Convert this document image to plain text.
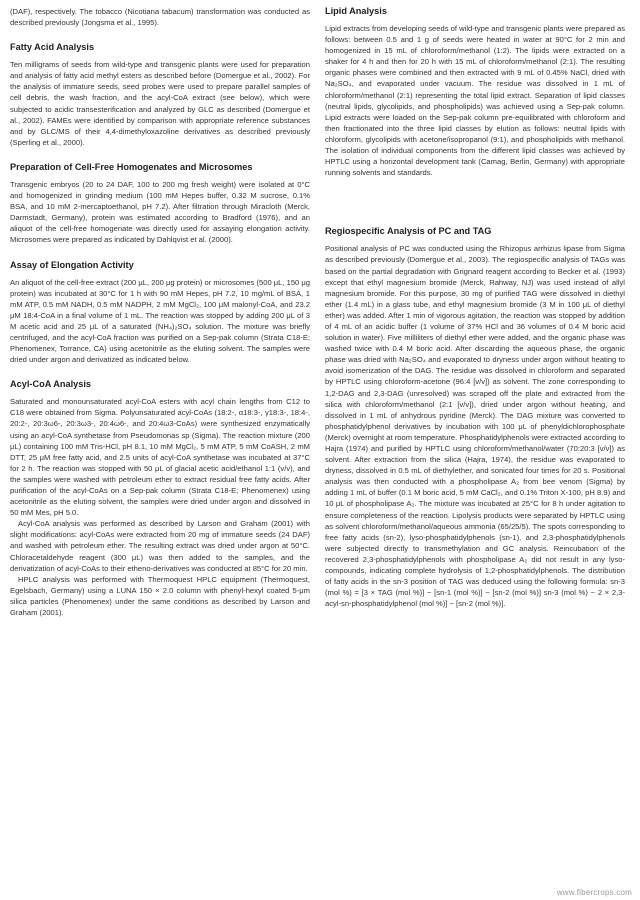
(DAF), respectively. The tobacco (Nicotiana tabacum) transformation was conducted as described previously (Jongsma et al., 1995).

Fatty Acid Analysis

Ten milligrams of seeds from wild-type and transgenic plants were used for preparation and analysis of fatty acid methyl esters as described before (Domergue et al., 2002). For the analysis of immature seeds, seed probes were used to prepare parallel samples of cell debris, the wash fraction, and the acyl-CoA extract (see below), which were subjected to acidic transesterification and analyzed by GLC as described (Domergue et al., 2002). FAMEs were identified by comparison with appropriate reference substances and by GLC/MS of their 4,4-dimethyloxazoline derivatives as described previously (Sperling et al., 2000).

Preparation of Cell-Free Homogenates and Microsomes

Transgenic embryos (20 to 24 DAF, 100 to 200 mg fresh weight) were isolated at 0°C and homogenized in grinding medium (100 mM Hepes buffer, 0.32 M sucrose, 0.1% BSA, and 10 mM 2-mercaptoethanol, pH 7.2). After filtration through Miracloth (Merck, Darmstadt, Germany), protein was estimated according to Bradford (1976), and an aliquot of the cell-free homogenate was directly used for assaying elongation activity. Microsomes were prepared as indicated by Dahlqvist et al. (2000).

Assay of Elongation Activity

An aliquot of the cell-free extract (200 μL, 200 μg protein) or microsomes (500 μL, 150 μg protein) was incubated at 30°C for 1 h with 90 mM Hepes, pH 7.2, 10 mg/mL of BSA, 1 mM ATP, 0.5 mM NADH, 0.5 mM NADPH, 2 mM MgCl₂, 100 μM malonyl-CoA, and 23.2 μM 18:4-CoA in a final volume of 1 mL. The reaction was stopped by adding 200 μL of 3 M acetic acid and 25 μL of a saturated (NH₄)₂SO₄ solution. The mixture was briefly centrifuged, and the acyl-CoA fraction was purified on a Sep-pak column (Strata C18-E; Phenomenex, Torrance, CA) using acetonitrile as the eluting solvent. The samples were dried under argon and derivatized as indicated below.

Acyl-CoA Analysis

Saturated and monounsaturated acyl-CoA esters with acyl chain lengths from C12 to C18 were obtained from Sigma. Polyunsaturated acyl-CoAs (18:2-, α18:3-, γ18:3-, 18:4-, 20:2-, 20:3ω6-, 20:3ω3-, 20:4ω6-, and 20:4ω3-CoAs) were synthesized enzymatically using an acyl-CoA synthetase from Pseudomonas sp (Sigma). The reaction mixture (200 μL) containing 100 mM Tris-HCl, pH 8.1, 10 mM MgCl₂, 5 mM ATP, 5 mM CoASH, 2 mM DTT, 25 μM free fatty acid, and 2.5 units of acyl-CoA synthetase was incubated at 37°C for 2 h. The reaction was stopped with 50 μL of glacial acetic acid/ethanol 1:1 (v/v), and the samples were washed with petroleum ether to extract residual free fatty acids. After purification of the acyl-CoAs on a Sep-pak column (Strata C18-E; Phenomenex) using acetonitrile as the eluting solvent, the samples were dried under argon and dissolved in 50 mM Mes, pH 5.0.

Acyl-CoA analysis was performed as described by Larson and Graham (2001) with slight modifications: acyl-CoAs were extracted from 20 mg of immature seeds (24 DAF) and washed with petroleum ether. The resulting extract was dried under argon at 50°C. Chloracetaldehyde reagent (300 μL) was then added to the samples, and the derivatization of acyl-CoAs to their etheno-derivatives was conducted at 85°C for 20 min.

HPLC analysis was performed with Thermoquest HPLC equipment (Thermoquest, Egelsbach, Germany) using a LUNA 150 × 2.0 column with phenyl-hexyl coated 5-μm silica particles (Phenomenex) under the same conditions as described by Larson and Graham (2001).

Lipid Analysis

Lipid extracts from developing seeds of wild-type and transgenic plants were prepared as follows: between 0.5 and 1 g of seeds were heated in water at 90°C for 2 min and homogenized in 15 mL of chloroform/methanol (1:2). The lipids were extracted on a shaker for 4 h and then for 20 h with 15 mL of chloroform/methanol (2:1). The resulting organic phases were combined and then extracted with 9 mL of 0.45% NaCl, dried with Na₂SO₄, and evaporated under vacuum. The residue was dissolved in 1 mL of chloroform/methanol (2:1) representing the total lipid extract. Separation of lipid classes (neutral lipids, glycolipids, and phospholipids) was achieved using a Sep-pak column. Lipid extracts were loaded on the Sep-pak column pre-equilibrated with chloroform and then fractionated into the three lipid classes by elution as follows: neutral lipids with chloroform, glycolipids with acetone/isopropanol (9:1), and phospholipids with methanol. The isolation of individual components from the different lipid classes was achieved by HPTLC using a horizontal development tank (Camag, Berlin, Germany) with appropriate running solvents and standards.

Regiospecific Analysis of PC and TAG

Positional analysis of PC was conducted using the Rhizopus arrhizus lipase from Sigma as described previously (Domergue et al., 2003). The regiospecific analysis of TAGs was based on the partial degradation with Grignard reagent according to Becker et al. (1993) except that ethyl magnesium bromide (Merck, Rahway, NJ) was used instead of allyl magnesium bromide. For this purpose, 30 mg of purified TAG were dissolved in diethyl ether (1.4 mL) in a glass tube, and ethyl magnesium bromide (3 M in 100 μL of diethyl ether) was added. After 1 min of vigorous agitation, the reaction was stopped by addition of 4 mL of an acidic buffer (1 volume of 37% HCl and 36 volumes of 0.4 M boric acid solution in water). Five milliliters of diethyl ether were added, and the organic phase was washed twice with 0.4 M boric acid. After discarding the aqueous phase, the organic phase was dried with Na₂SO₄ and evaporated to dryness under argon without heating to avoid isomerization of the DAG. The residue was dissolved in chloroform and separated by HPTLC using chloroform-acetone (96:4 [v/v]) as solvent. The zone corresponding to 1,2-DAG and 2,3-DAG (unresolved) was scraped off the plate and extracted from the silica with chloroform/methanol (2:1 [v/v]), dried under argon without heating, and dissolved in 1 mL of anhydrous pyridine (Merck). The DAG mixture was converted to phosphatidylphenol derivatives by incubation with 100 μL of phenyldichlorophosphate (Merck) overnight at room temperature. Phosphatidylphenols were extracted according to Hajra (1974) and purified by HPTLC using chloroform/methanol/water (70:20:3 [v/v]) as solvent. After extraction from the silica (Hajra, 1974), the residue was evaporated to dryness, dissolved in 0.5 mL of diethylether, and sonicated four times for 20 s. Positional analysis was then conducted with a phospholipase A₂ from bee venom (Sigma) by adding 1 mL of buffer (0.1 M boric acid, 5 mM CaCl₂, and 0.1% Triton X-100, pH 8.9) and 10 μL of phospholipase A₂. The mixture was incubated at 25°C for 8 h under agitation to ensure completeness of the reaction. Lipolysis products were separated by HPTLC using as solvent chloroform/methanol/aqueous ammonia (65/25/5). The spots corresponding to free fatty acids (sn-2), lyso-phosphatidylphenols (sn-1), and 2,3-phosphatidylphenols were subjected directly to transmethylation and GC analysis. Reincubation of the recovered 2,3-phosphatidylphenols with phospholipase A₂ did not result in any lyso-compounds, indicating complete hydrolysis of 1,2-phosphatidylphenols. The distribution of fatty acids in the sn-3 position of TAG was deduced using the following formula: sn-3 (mol %) = [3 × TAG (mol %)] − [sn-1 (mol %)] − [sn-2 (mol %)] sn-3 (mol %) ~ 2 × 2,3-acyl-sn-phosphatidylphenol (mol %)] − [sn-2 (mol %)].

www.fibercrops.com
